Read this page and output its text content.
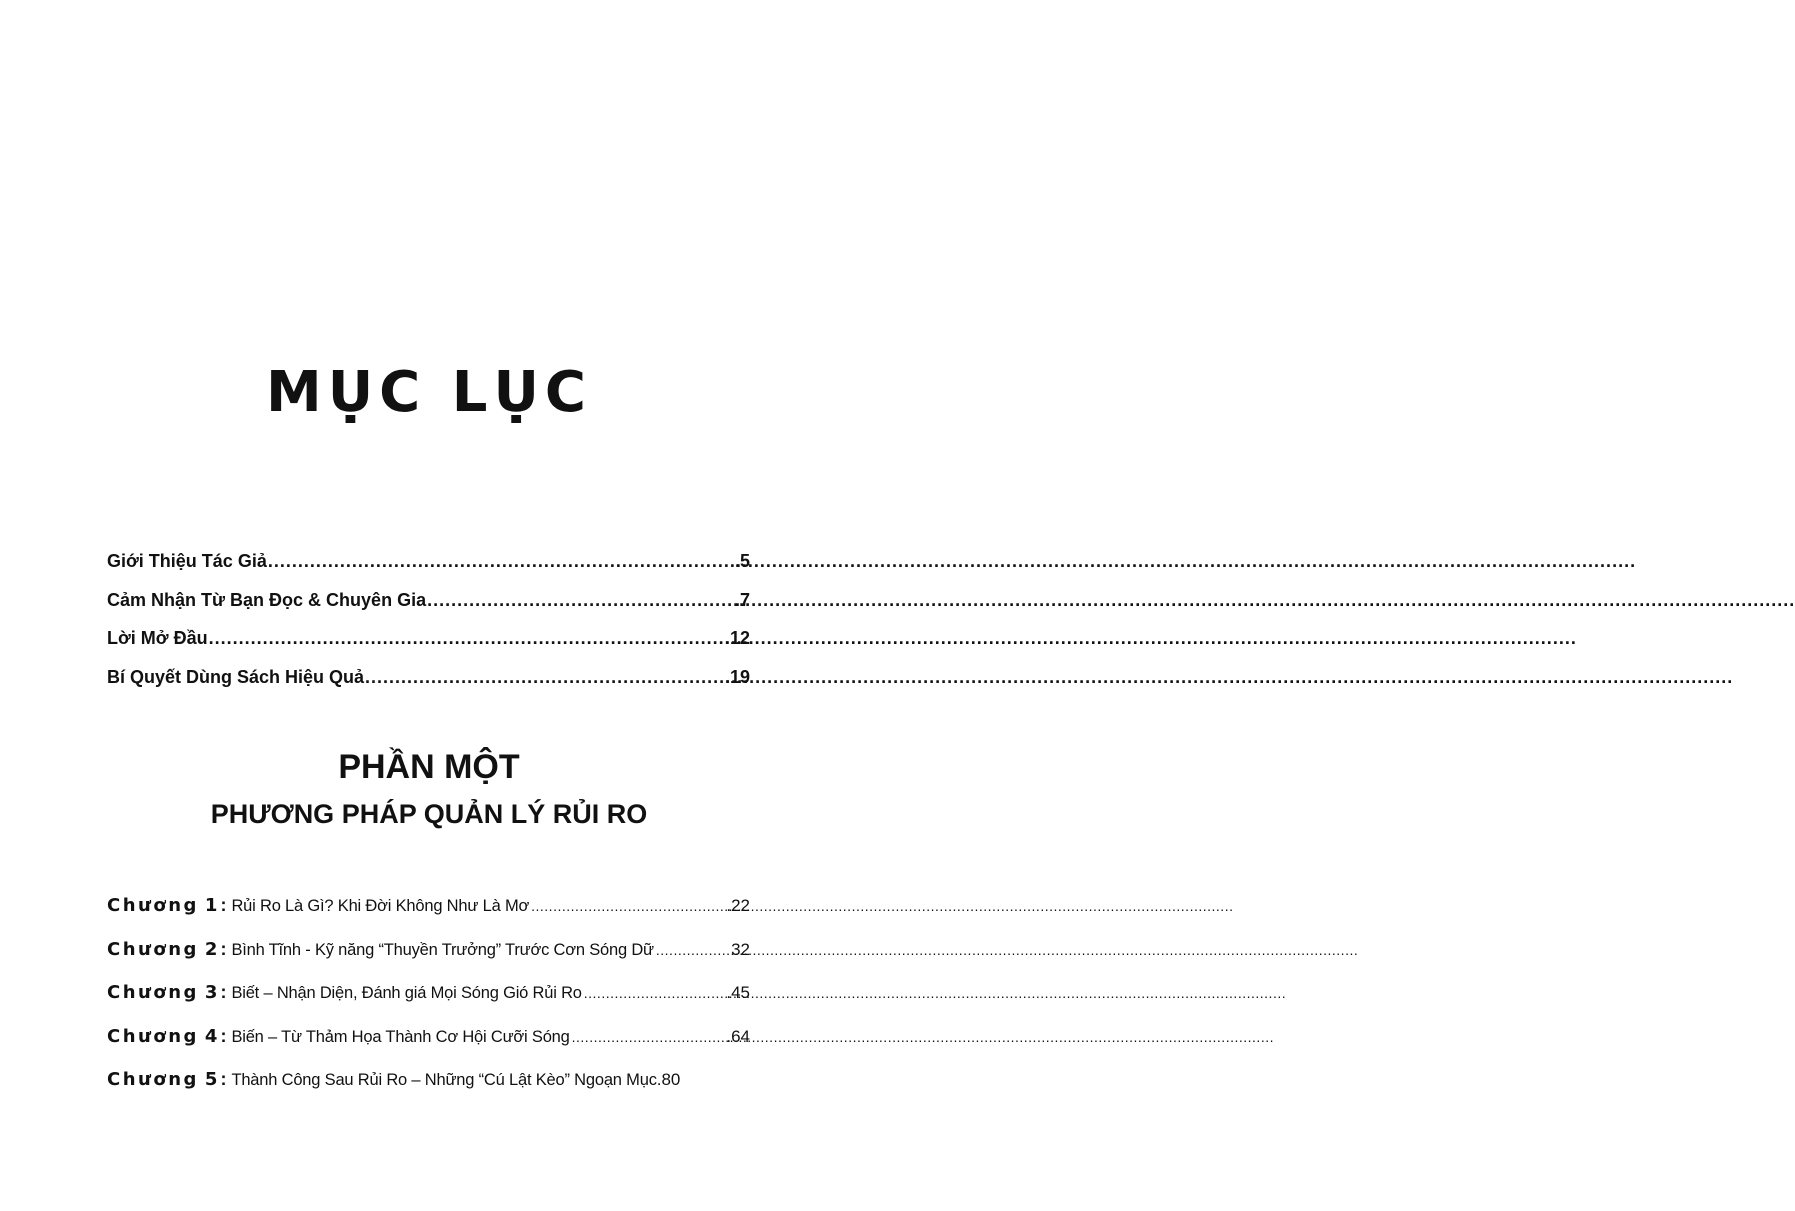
MỤC LỤC
Giới Thiệu Tác Giả .....	.5
Cảm Nhận Từ Bạn Đọc & Chuyên Gia .....	.7
Lời Mở Đầu .....	.12
Bí Quyết Dùng Sách Hiệu Quả .....	.19
PHẦN MỘT
PHƯƠNG PHÁP QUẢN LÝ RỦI RO
Chương 1 : Rủi Ro Là Gì? Khi Đời Không Như Là Mơ .....	.22
Chương 2 : Bình Tĩnh - Kỹ năng “Thuyền Trưởng” Trước Cơn Sóng Dữ .....	32
Chương 3 : Biết – Nhận Diện, Đánh giá Mọi Sóng Gió Rủi Ro .....	.45
Chương 4 : Biến – Từ Thảm Họa Thành Cơ Hội Cưỡi Sóng .....	.64
Chương 5 : Thành Công Sau Rủi Ro – Những “Cú Lật Kèo” Ngoạn Mục .80
